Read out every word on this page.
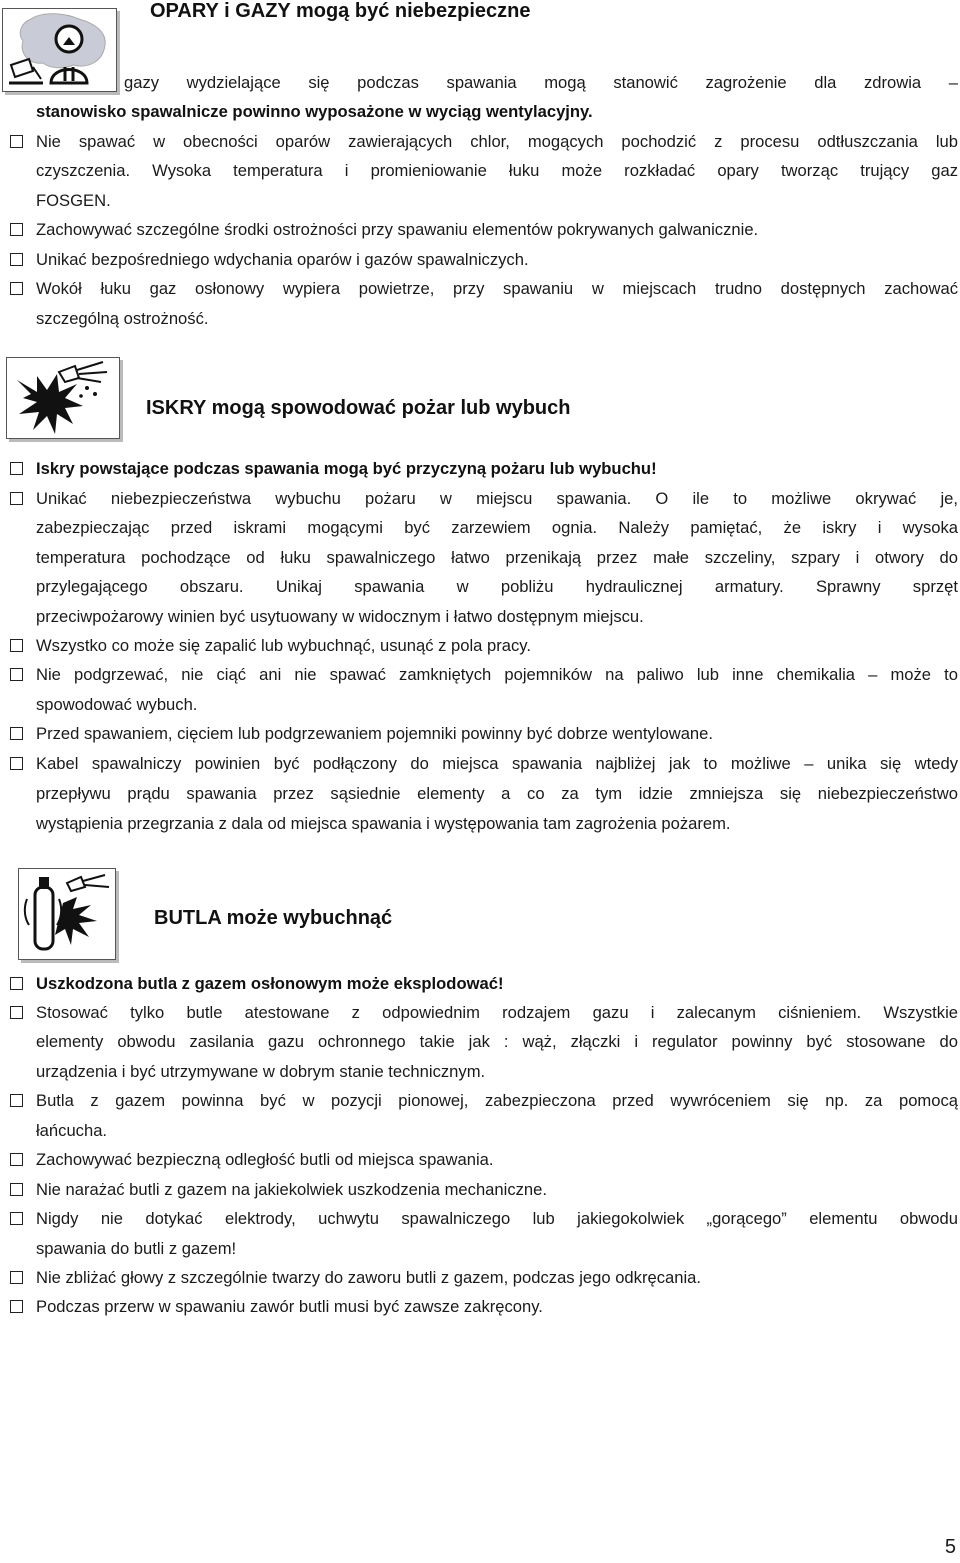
OPARY i GAZY mogą być niebezpieczne
gazy wydzielające się podczas spawania mogą stanowić zagrożenie dla zdrowia –
stanowisko spawalnicze powinno wyposażone w wyciąg wentylacyjny.
Nie spawać w obecności oparów zawierających chlor, mogących pochodzić z procesu odtłuszczania lub
czyszczenia. Wysoka temperatura i promieniowanie łuku może rozkładać opary tworząc trujący gaz
FOSGEN.
Zachowywać szczególne środki ostrożności przy spawaniu elementów pokrywanych galwanicznie.
Unikać bezpośredniego wdychania oparów i gazów spawalniczych.
Wokół łuku gaz osłonowy wypiera powietrze, przy spawaniu w miejscach trudno dostępnych zachować
szczególną ostrożność.
ISKRY mogą spowodować pożar lub wybuch
Iskry powstające podczas spawania mogą być przyczyną pożaru lub wybuchu!
Unikać niebezpieczeństwa wybuchu pożaru w miejscu spawania. O ile to możliwe okrywać je,
zabezpieczając przed iskrami mogącymi być zarzewiem ognia. Należy pamiętać, że iskry i wysoka
temperatura pochodzące od łuku spawalniczego łatwo przenikają przez małe szczeliny, szpary i otwory do
przylegającego obszaru. Unikaj spawania w pobliżu hydraulicznej armatury. Sprawny sprzęt
przeciwpożarowy winien być usytuowany w widocznym i łatwo dostępnym miejscu.
Wszystko co może się zapalić lub wybuchnąć, usunąć z pola pracy.
Nie podgrzewać, nie ciąć ani nie spawać zamkniętych pojemników na paliwo lub inne chemikalia – może to
spowodować wybuch.
Przed spawaniem, cięciem lub podgrzewaniem pojemniki powinny być dobrze wentylowane.
Kabel spawalniczy powinien być podłączony do miejsca spawania najbliżej jak to możliwe – unika się wtedy
przepływu prądu spawania przez sąsiednie elementy a co za tym idzie zmniejsza się niebezpieczeństwo
wystąpienia przegrzania z dala od miejsca spawania i występowania tam zagrożenia pożarem.
BUTLA może wybuchnąć
Uszkodzona butla z gazem osłonowym może eksplodować!
Stosować tylko butle atestowane z odpowiednim rodzajem gazu i zalecanym ciśnieniem. Wszystkie
elementy obwodu zasilania gazu ochronnego takie jak : wąż, złączki i regulator powinny być stosowane do
urządzenia i być utrzymywane w dobrym stanie technicznym.
Butla z gazem powinna być w pozycji pionowej, zabezpieczona przed wywróceniem się np. za pomocą
łańcucha.
Zachowywać bezpieczną odległość butli od miejsca spawania.
Nie narażać butli z gazem na jakiekolwiek uszkodzenia mechaniczne.
Nigdy nie dotykać elektrody, uchwytu spawalniczego lub jakiegokolwiek „gorącego” elementu obwodu
spawania do butli z gazem!
Nie zbliżać głowy z szczególnie twarzy do zaworu butli z gazem, podczas jego odkręcania.
Podczas przerw w spawaniu zawór butli musi być zawsze zakręcony.
5
